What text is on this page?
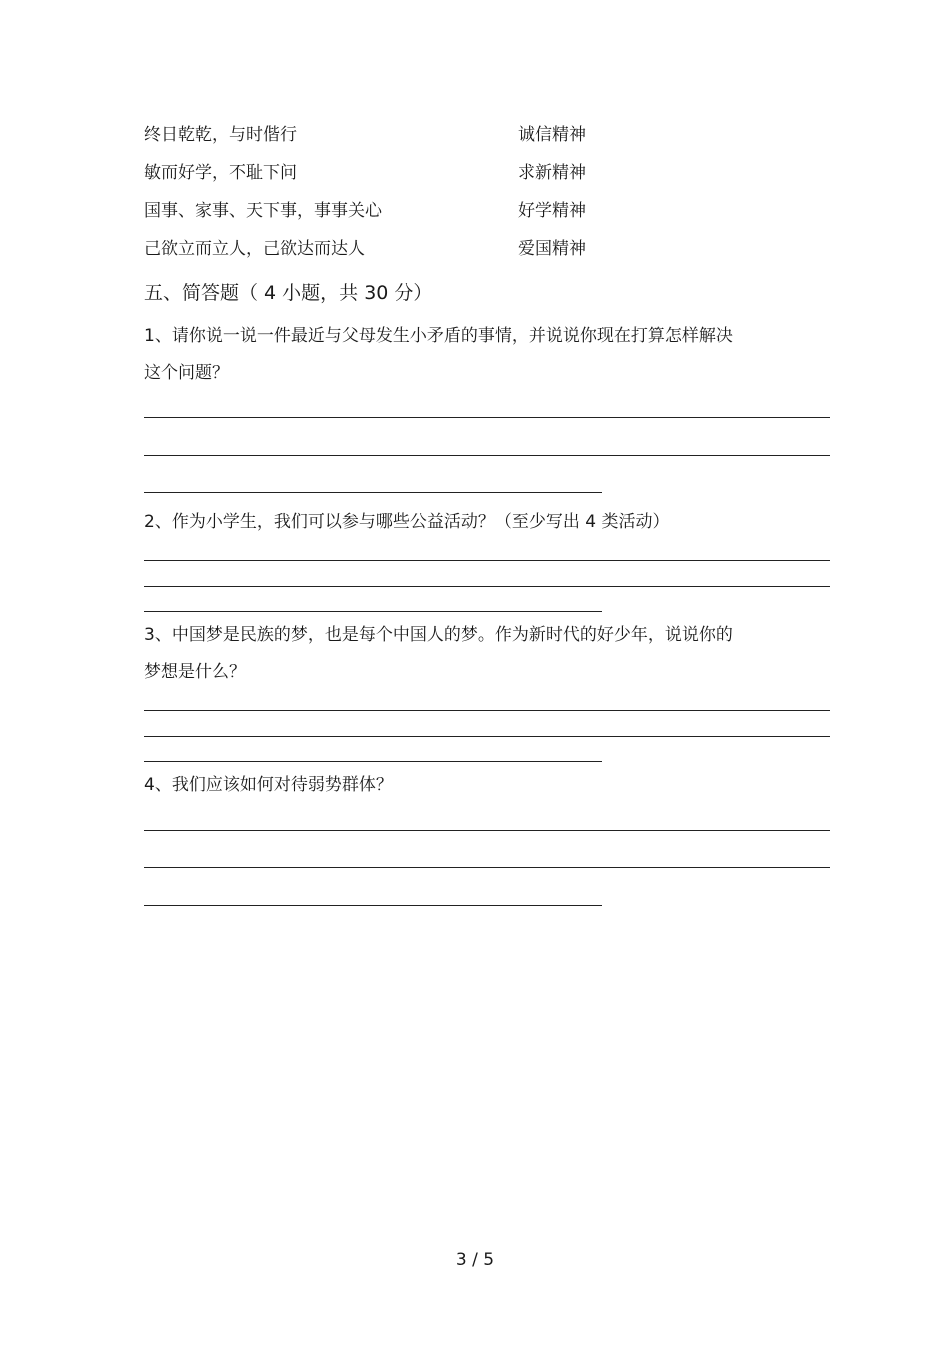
终日乾乾，与时偕行	诚信精神
敏而好学，不耻下问	求新精神
国事、家事、天下事，事事关心	好学精神
己欲立而立人，己欲达而达人	爱国精神
五、简答题（ 4 小题，共 30 分）
1、请你说一说一件最近与父母发生小矛盾的事情，并说说你现在打算怎样解决
这个问题？
2、作为小学生，我们可以参与哪些公益活动？（至少写出 4 类活动）
3、中国梦是民族的梦，也是每个中国人的梦。作为新时代的好少年，说说你的
梦想是什么？
4、我们应该如何对待弱势群体？
3 / 5
